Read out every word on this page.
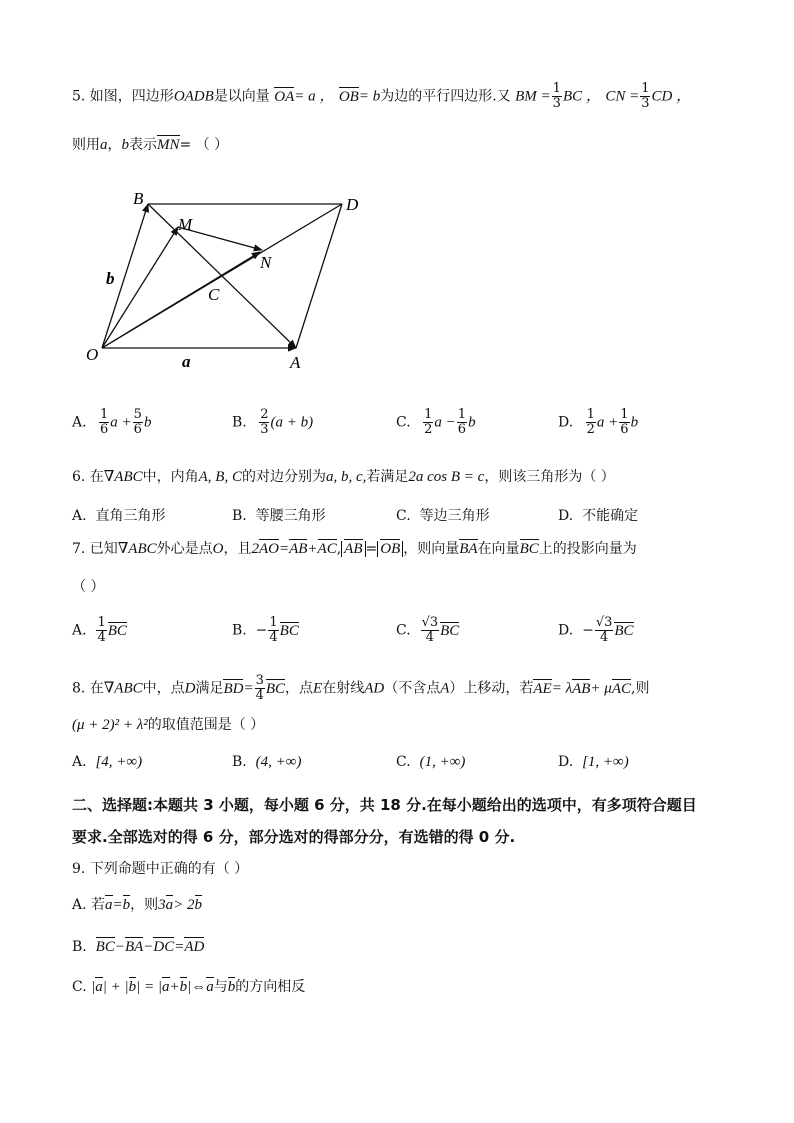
5. 如图，四边形OADB是以向量 OA= a ， OB= b为边的平行四边形.又 BM = $\frac{1}{3}$ BC ， CN = $\frac{1}{3}$ CD ，
则用a，b表示MN= （ ）
B
M
D
N
C
O	A
b
a
A. $\frac{1}{6}$ $a + \frac{5}{6}$ b	B. $\frac{2}{3} (a + b)$	C. $\frac{1}{2}$ $a - \frac{1}{6}$ b	D. $\frac{1}{2}$ $a + \frac{1}{6}$ b
6. 在∇ABC中，内角A, B, C的对边分别为a, b, c,若满足2a cos B = c，则该三角形为（ ）
A. 直角三角形	B. 等腰三角形	C. 等边三角形	D. 不能确定
7. 已知∇ABC外心是点O，且2AO=AB+AC, AB = OB ，则向量BA在向量BC上的投影向量为
（ ）
A. $\frac{1}{4}$ BC	B. − $\frac{1}{4}$ BC	C. $\frac{√3}{4}$ BC	D. − $\frac{√3}{4}$ BC
8. 在∇ABC中，点D满足$BD= \frac{3}{4}$ BC，点E在射线AD（不含点A）上移动，若AE= λAB+ μAC,则
(μ + 2)² + λ²的取值范围是（ ）
A. [4, +∞)	B. (4, +∞)	C. (1, +∞)	D. [1, +∞)
二、选择题:本题共 3 小题，每小题 6 分，共 18 分.在每小题给出的选项中，有多项符合题目
要求.全部选对的得 6 分，部分选对的得部分分，有选错的得 0 分.
9. 下列命题中正确的有（ ）
A. 若a=b，则3a> 2b
B. BC−BA−DC=AD
C. |a| + |b| = |a+b|⇔a与b的方向相反
